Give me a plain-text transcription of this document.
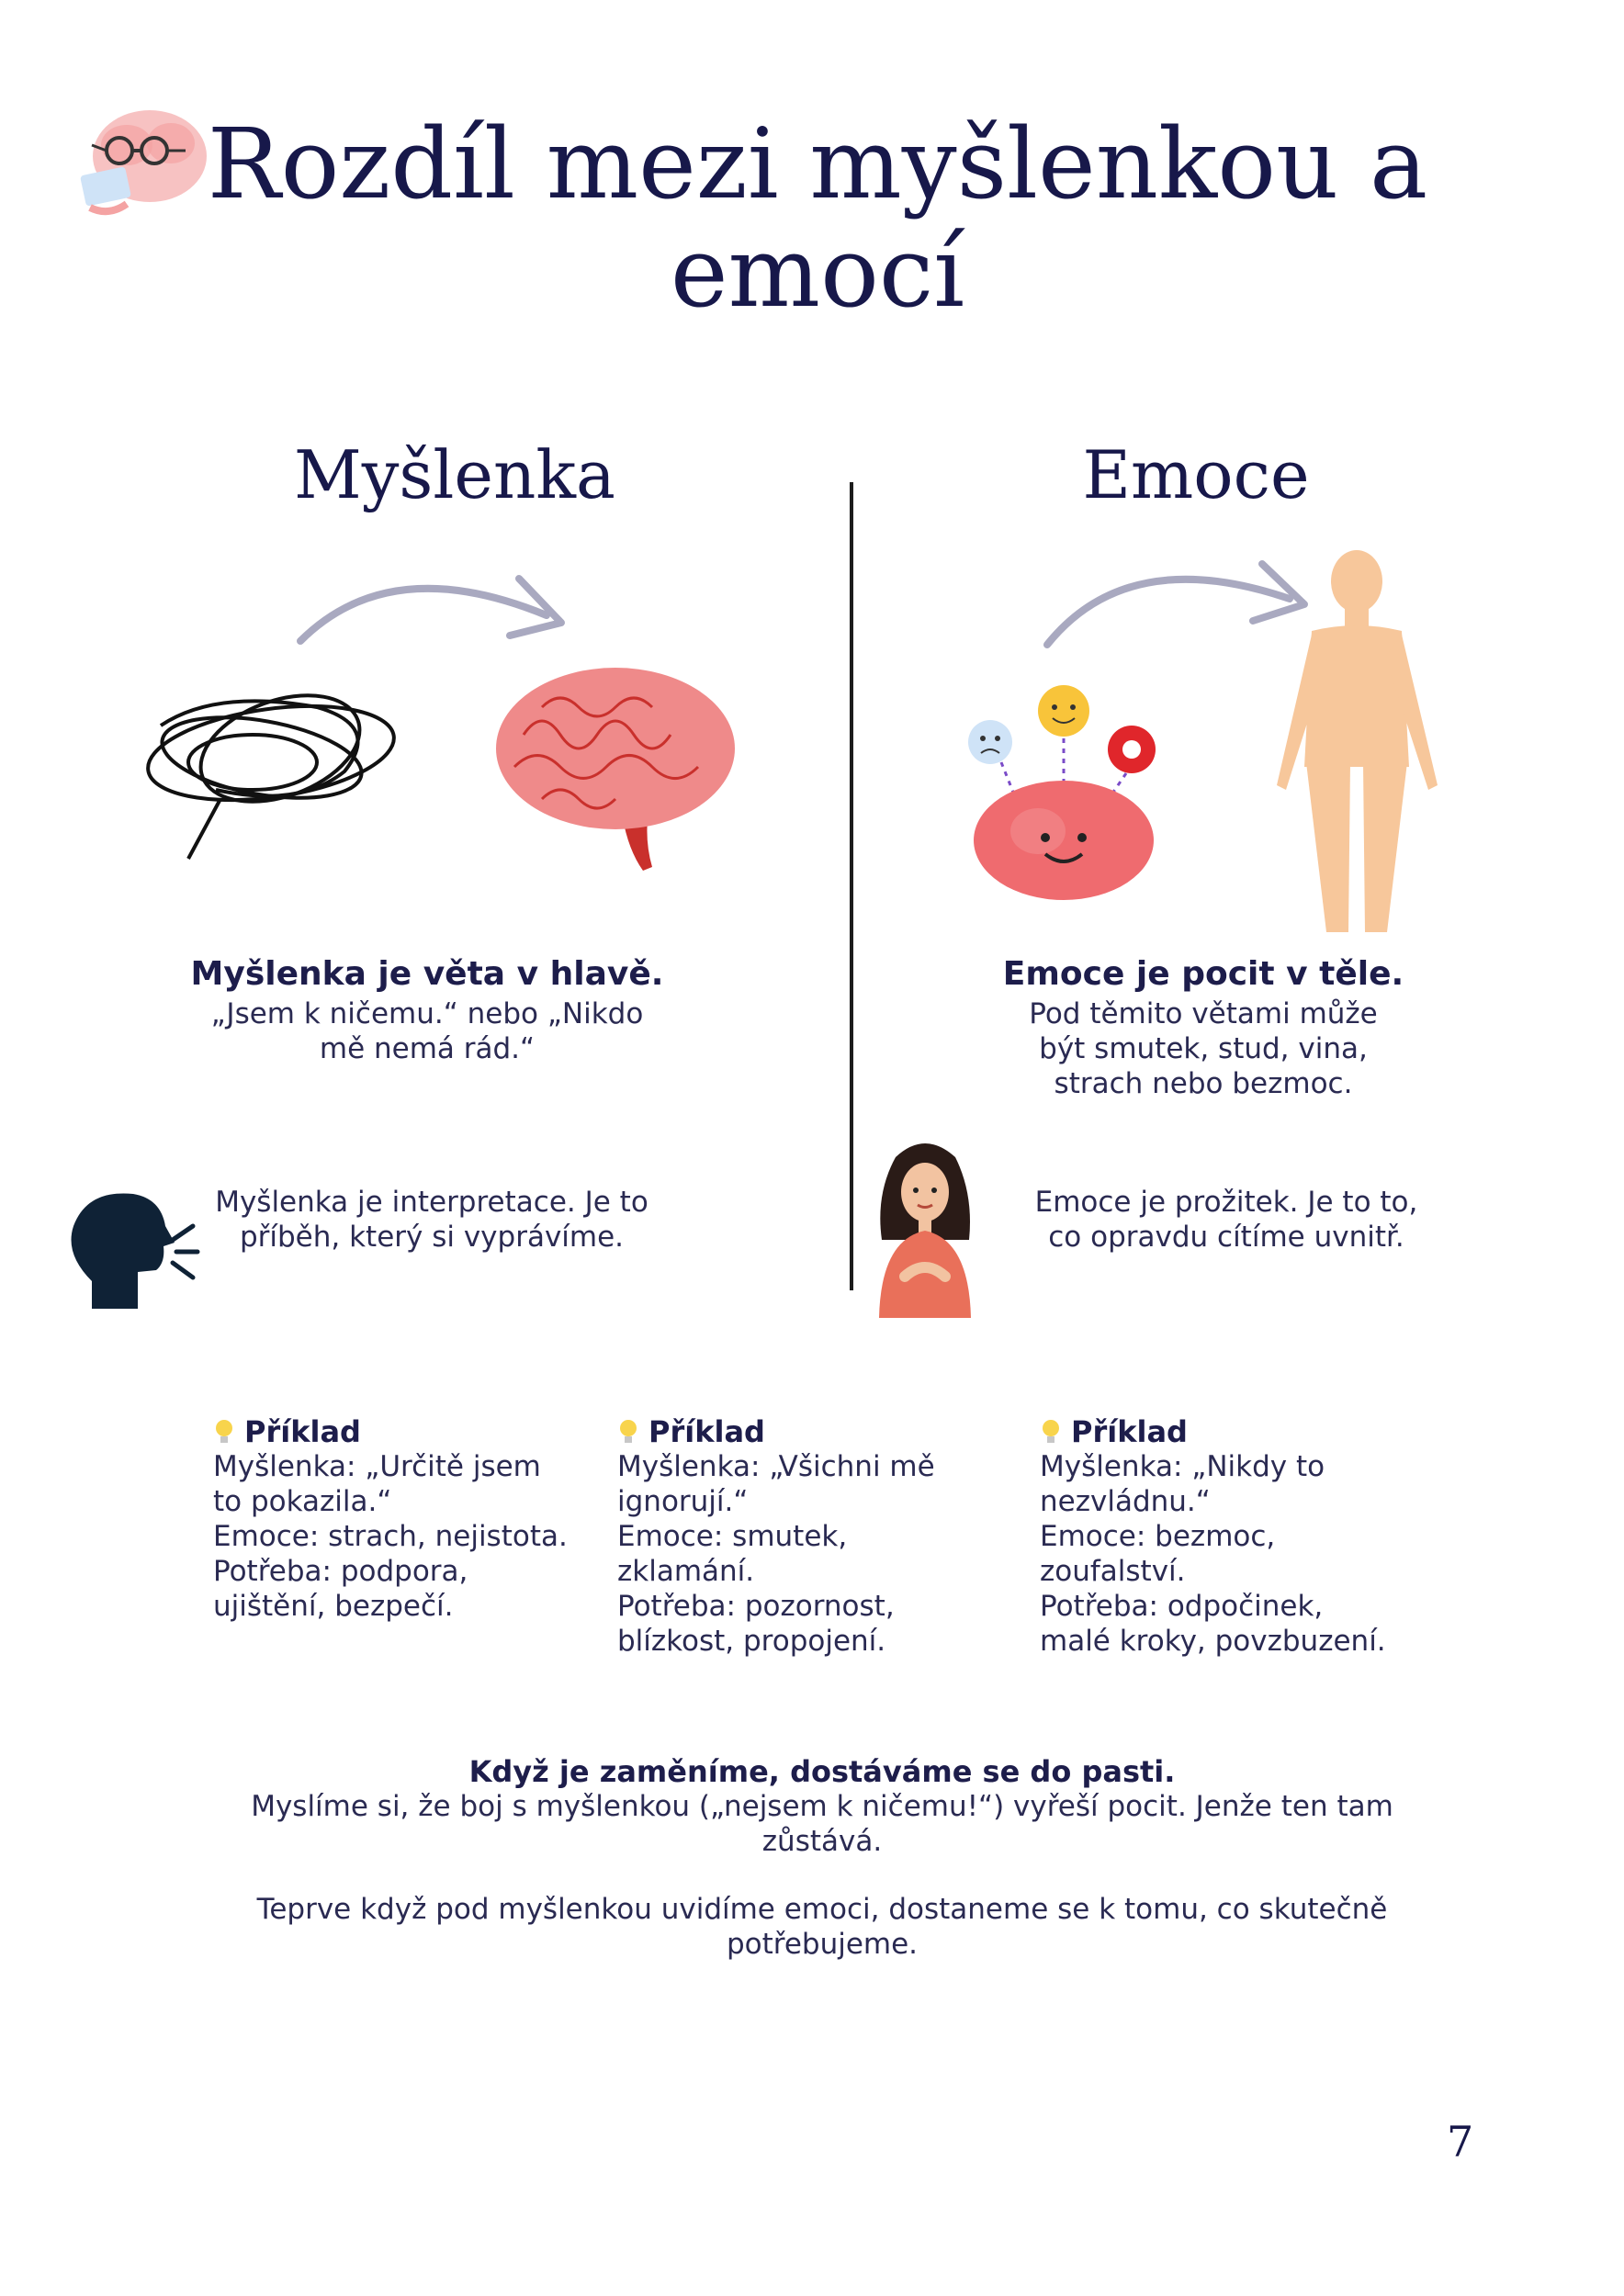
Rozdíl mezi myšlenkou a emocí
Myšlenka	Emoce
Myšlenka je věta v hlavě.
„Jsem k ničemu.“ nebo „Nikdo
mě nemá rád.“
Emoce je pocit v těle.
Pod těmito větami může
být smutek, stud, vina,
strach nebo bezmoc.
Myšlenka je interpretace. Je to
příběh, který si vyprávíme.
Emoce je prožitek. Je to to,
co opravdu cítíme uvnitř.
Příklad
Myšlenka: „Určitě jsem
to pokazila.“
Emoce: strach, nejistota.
Potřeba: podpora,
ujištění, bezpečí.
Příklad
Myšlenka: „Všichni mě
ignorují.“
Emoce: smutek,
zklamání.
Potřeba: pozornost,
blízkost, propojení.
Příklad
Myšlenka: „Nikdy to
nezvládnu.“
Emoce: bezmoc,
zoufalství.
Potřeba: odpočinek,
malé kroky, povzbuzení.
Když je zaměníme, dostáváme se do pasti.
Myslíme si, že boj s myšlenkou („nejsem k ničemu!“) vyřeší pocit. Jenže ten tam
zůstává.
Teprve když pod myšlenkou uvidíme emoci, dostaneme se k tomu, co skutečně
potřebujeme.
7
